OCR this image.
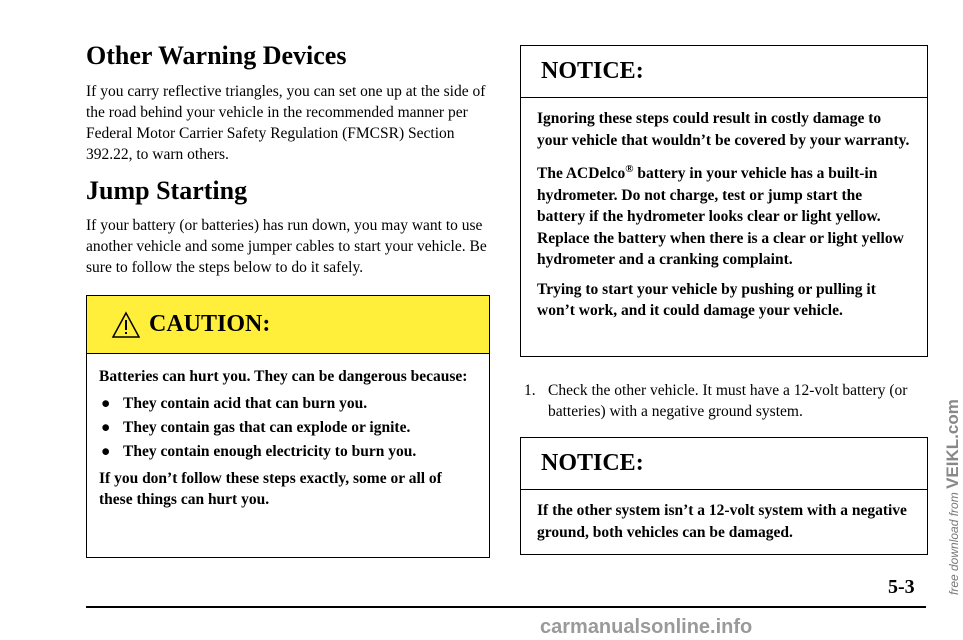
Other Warning Devices

If you carry reflective triangles, you can set one up at the side of the road behind your vehicle in the recommended manner per Federal Motor Carrier Safety Regulation (FMCSR) Section 392.22, to warn others.

Jump Starting

If your battery (or batteries) has run down, you may want to use another vehicle and some jumper cables to start your vehicle. Be sure to follow the steps below to do it safely.

CAUTION:

Batteries can hurt you. They can be dangerous because:

● They contain acid that can burn you.
● They contain gas that can explode or ignite.
● They contain enough electricity to burn you.

If you don’t follow these steps exactly, some or all of these things can hurt you.

NOTICE:

Ignoring these steps could result in costly damage to your vehicle that wouldn’t be covered by your warranty.

The ACDelco® battery in your vehicle has a built-in hydrometer. Do not charge, test or jump start the battery if the hydrometer looks clear or light yellow. Replace the battery when there is a clear or light yellow hydrometer and a cranking complaint.

Trying to start your vehicle by pushing or pulling it won’t work, and it could damage your vehicle.

1. Check the other vehicle. It must have a 12-volt battery (or batteries) with a negative ground system.
NOTICE:

If the other system isn’t a 12-volt system with a negative ground, both vehicles can be damaged.

5-3
carmanualsonline.info
free download from VEIKL.com
